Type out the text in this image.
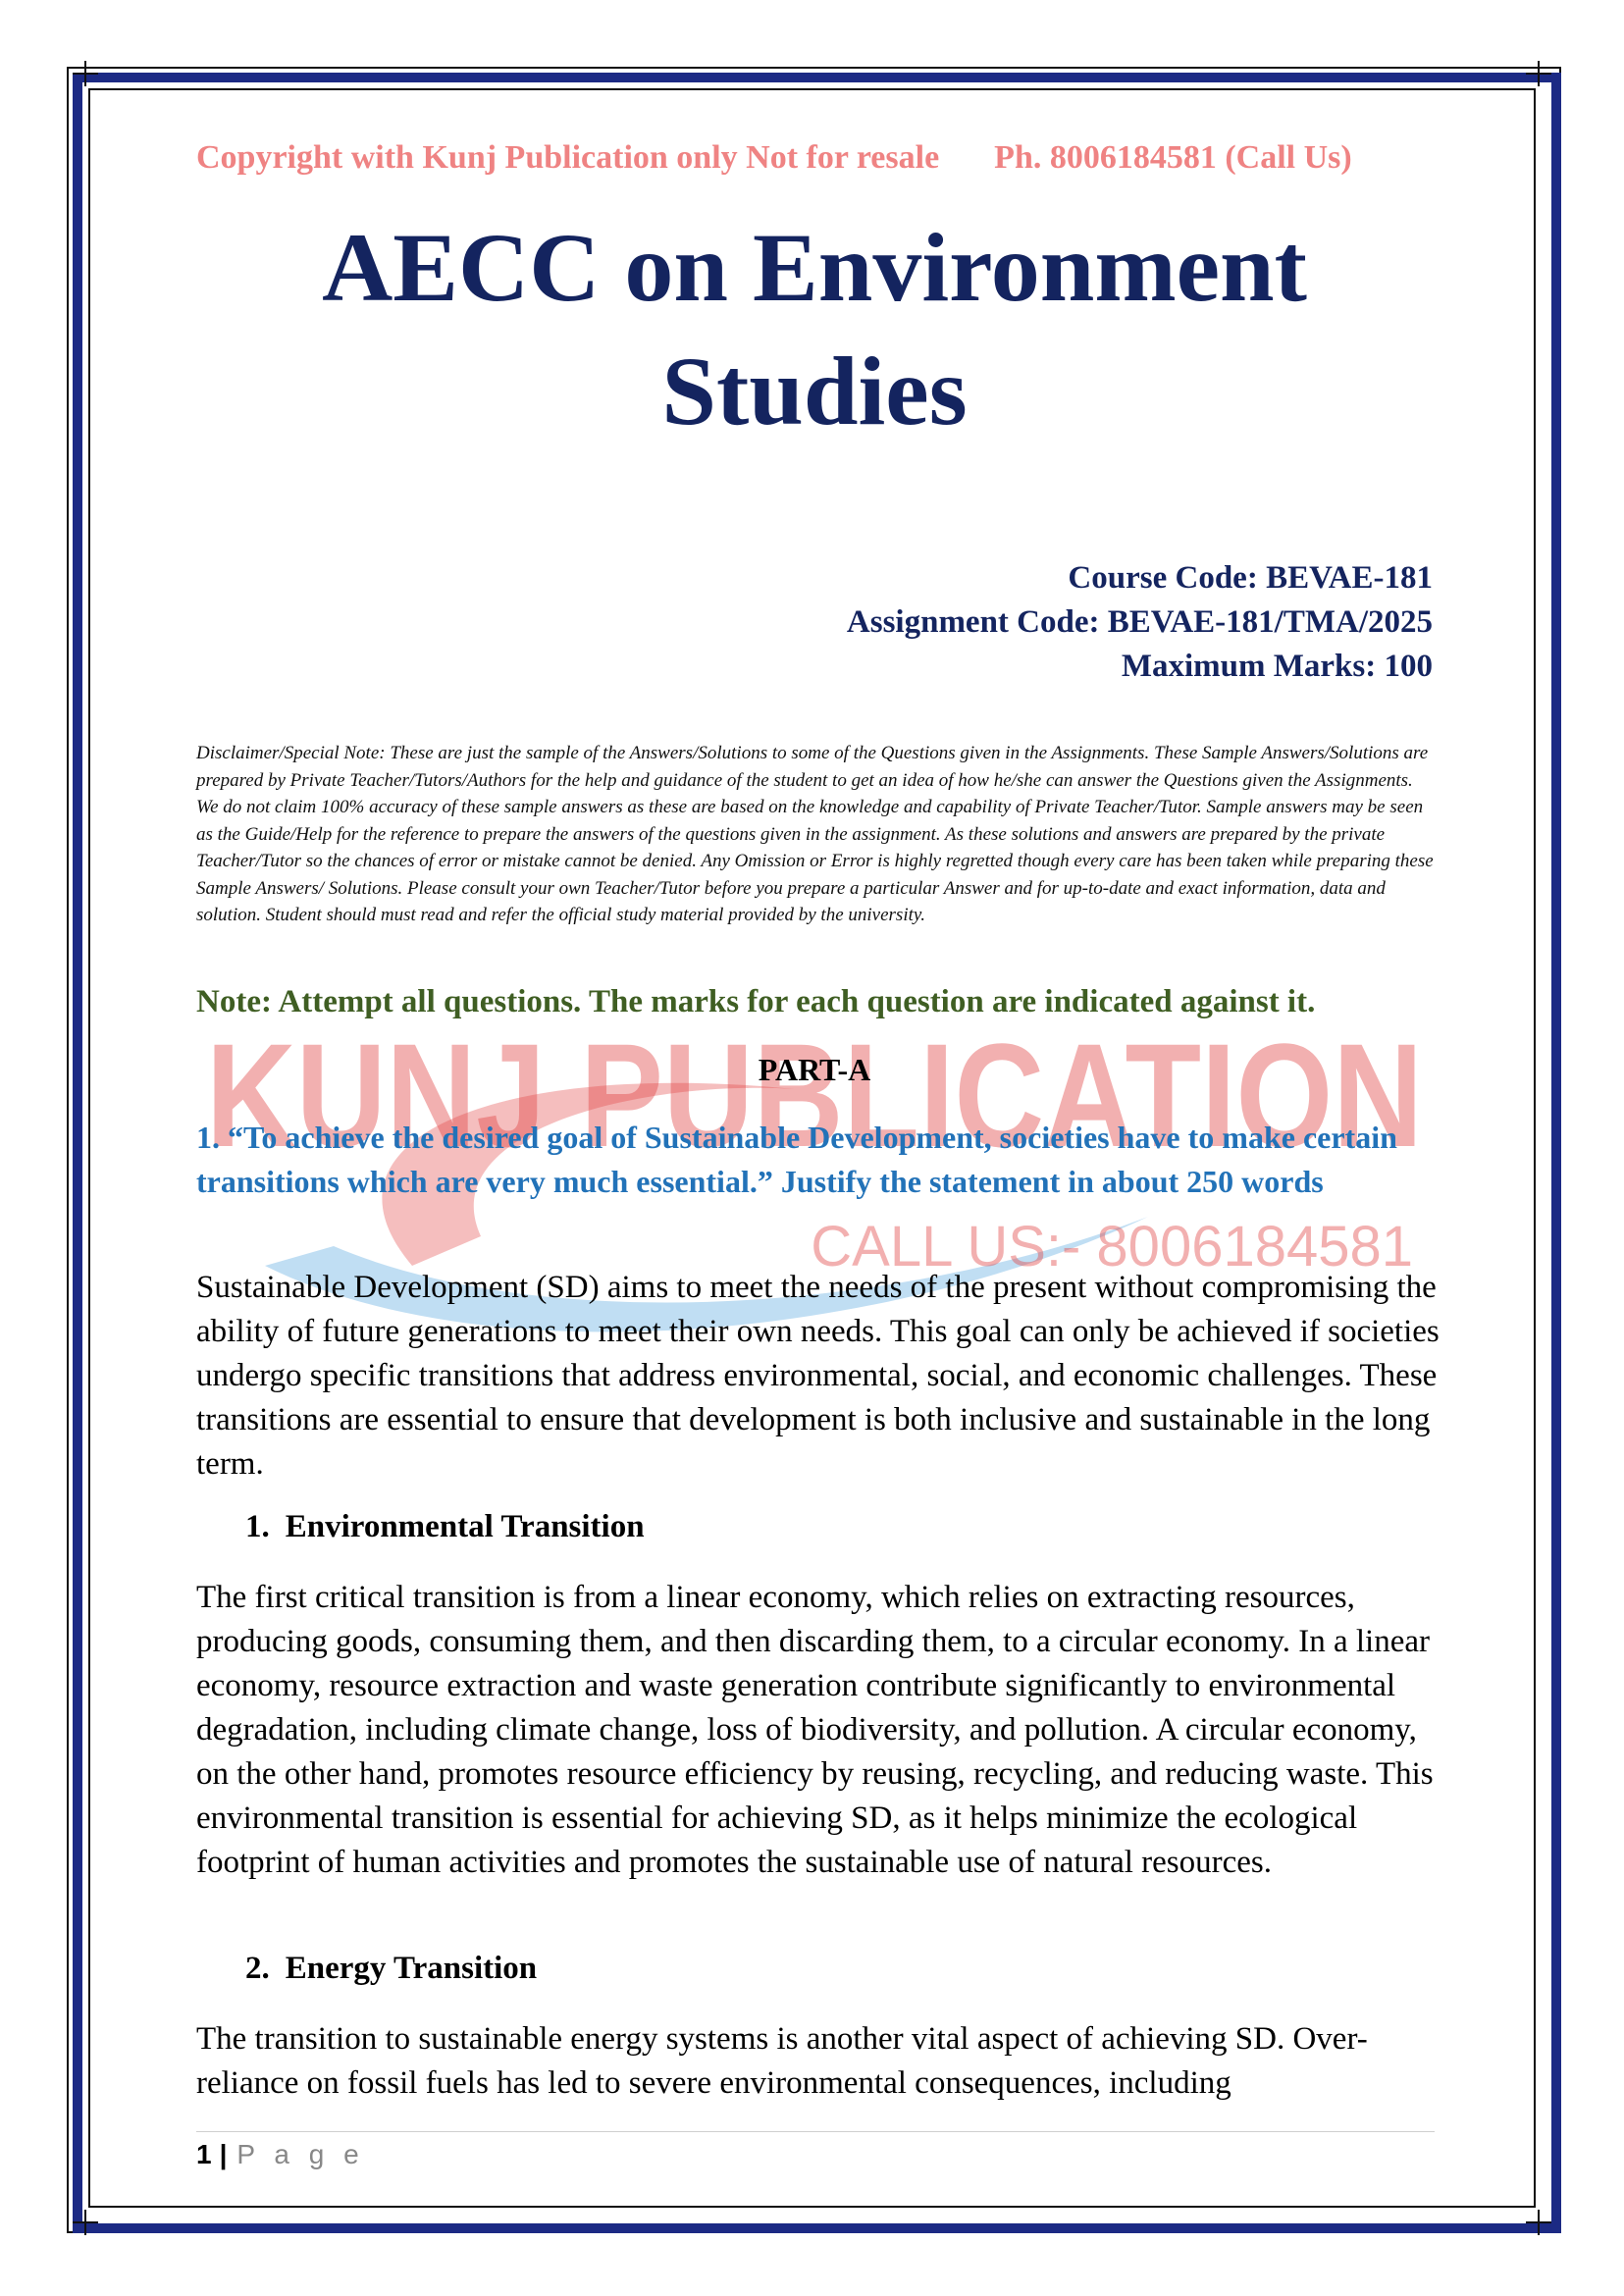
KUNJ PUBLICATION
CALL US:- 8006184581
Copyright with Kunj Publication only Not for resale Ph. 8006184581 (Call Us)
AECC on Environment
Studies
Course Code: BEVAE-181
Assignment Code: BEVAE-181/TMA/2025
Maximum Marks: 100
Disclaimer/Special Note: These are just the sample of the Answers/Solutions to some of the Questions given in the Assignments. These Sample Answers/Solutions are prepared by Private Teacher/Tutors/Authors for the help and guidance of the student to get an idea of how he/she can answer the Questions given the Assignments. We do not claim 100% accuracy of these sample answers as these are based on the knowledge and capability of Private Teacher/Tutor. Sample answers may be seen as the Guide/Help for the reference to prepare the answers of the questions given in the assignment. As these solutions and answers are prepared by the private Teacher/Tutor so the chances of error or mistake cannot be denied. Any Omission or Error is highly regretted though every care has been taken while preparing these Sample Answers/ Solutions. Please consult your own Teacher/Tutor before you prepare a particular Answer and for up-to-date and exact information, data and solution. Student should must read and refer the official study material provided by the university.
Note: Attempt all questions. The marks for each question are indicated against it.
PART-A
1. “To achieve the desired goal of Sustainable Development, societies have to make certain transitions which are very much essential.” Justify the statement in about 250 words
Sustainable Development (SD) aims to meet the needs of the present without compromising the ability of future generations to meet their own needs. This goal can only be achieved if societies undergo specific transitions that address environmental, social, and economic challenges. These transitions are essential to ensure that development is both inclusive and sustainable in the long term.
1. Environmental Transition
The first critical transition is from a linear economy, which relies on extracting resources, producing goods, consuming them, and then discarding them, to a circular economy. In a linear economy, resource extraction and waste generation contribute significantly to environmental degradation, including climate change, loss of biodiversity, and pollution. A circular economy, on the other hand, promotes resource efficiency by reusing, recycling, and reducing waste. This environmental transition is essential for achieving SD, as it helps minimize the ecological footprint of human activities and promotes the sustainable use of natural resources.
2. Energy Transition
The transition to sustainable energy systems is another vital aspect of achieving SD. Over-reliance on fossil fuels has led to severe environmental consequences, including
1 | P a g e
